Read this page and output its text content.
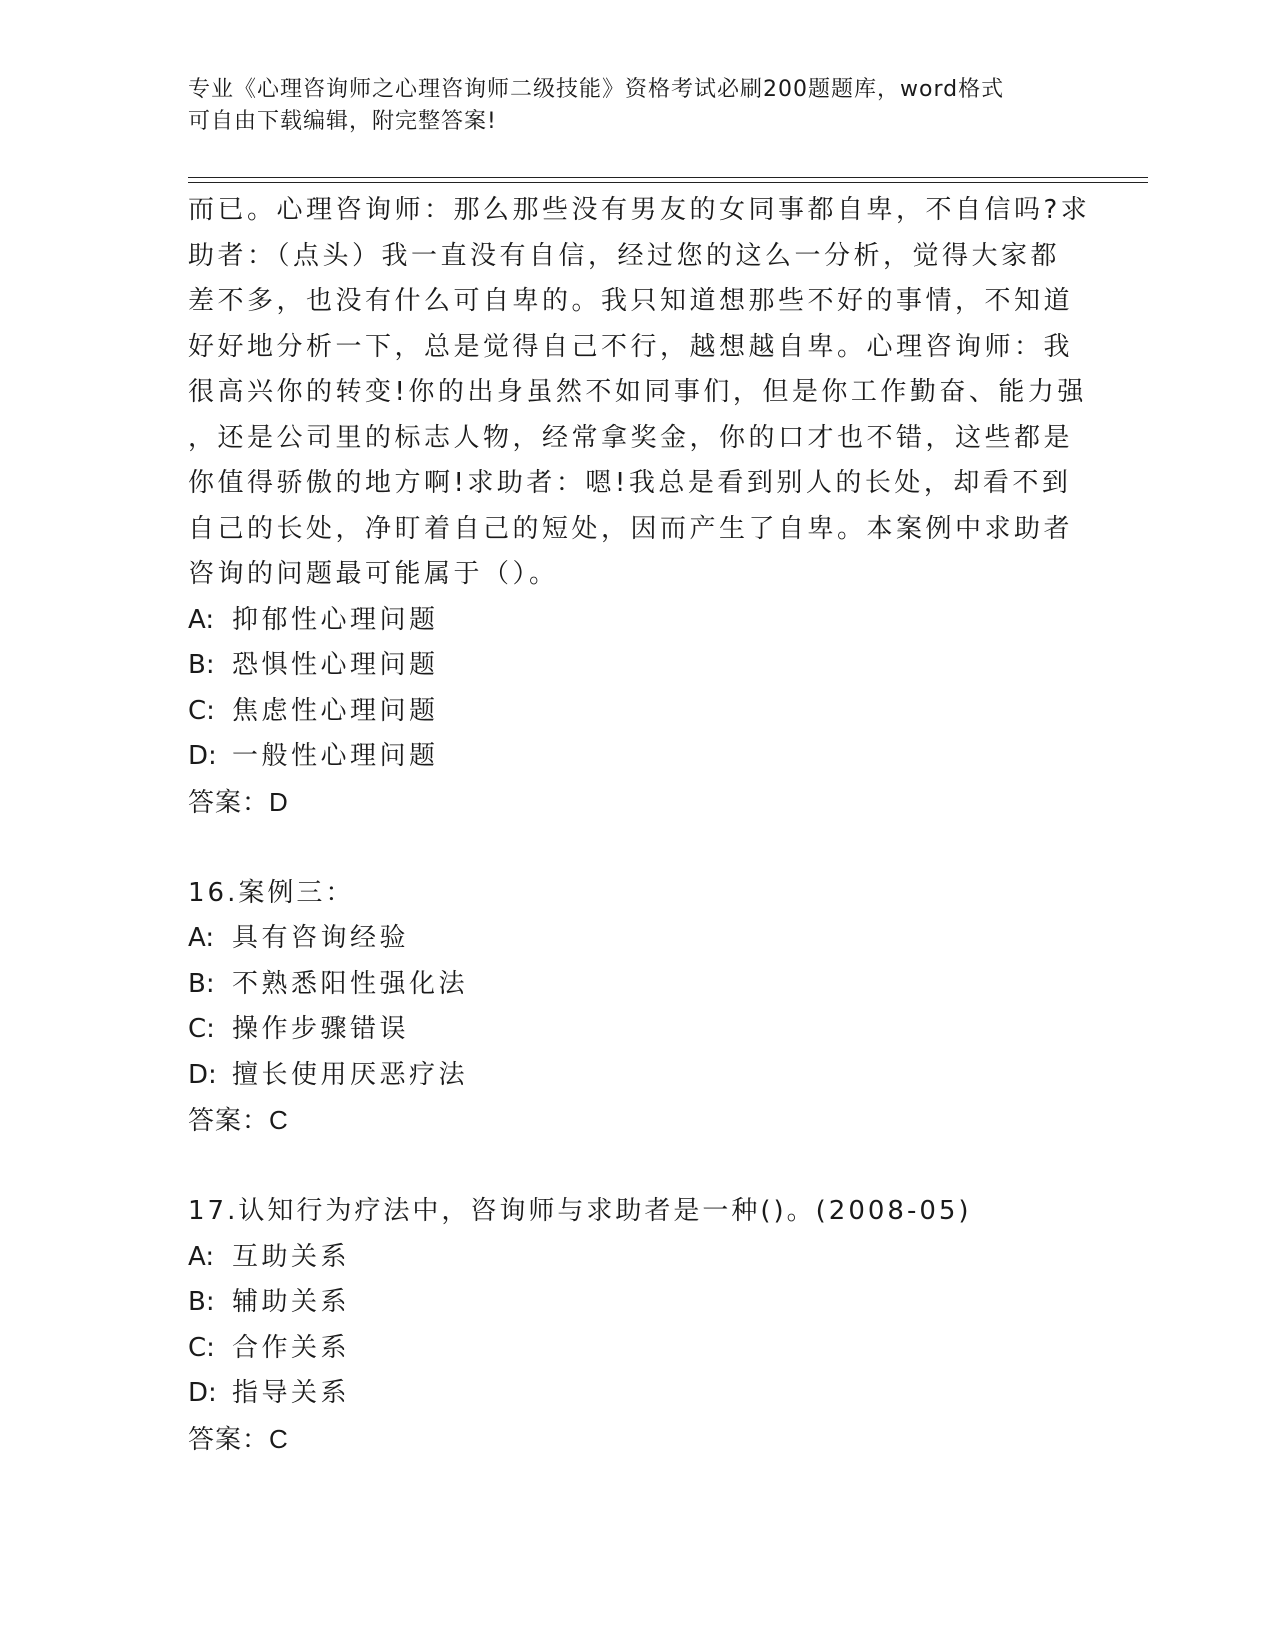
专业《心理咨询师之心理咨询师二级技能》资格考试必刷200题题库，word格式
可自由下载编辑，附完整答案!

而已。心理咨询师：那么那些没有男友的女同事都自卑，不自信吗?求

助者：（点头）我一直没有自信，经过您的这么一分析，觉得大家都

差不多，也没有什么可自卑的。我只知道想那些不好的事情，不知道

好好地分析一下，总是觉得自己不行，越想越自卑。心理咨询师：我

很高兴你的转变!你的出身虽然不如同事们，但是你工作勤奋、能力强

，还是公司里的标志人物，经常拿奖金，你的口才也不错，这些都是

你值得骄傲的地方啊!求助者：嗯!我总是看到别人的长处，却看不到

自己的长处，净盯着自己的短处，因而产生了自卑。本案例中求助者

咨询的问题最可能属于（）。

A: 抑郁性心理问题

B: 恐惧性心理问题

C: 焦虑性心理问题

D: 一般性心理问题

答案：D

16.案例三：

A: 具有咨询经验

B: 不熟悉阳性强化法

C: 操作步骤错误

D: 擅长使用厌恶疗法

答案：C

17.认知行为疗法中，咨询师与求助者是一种()。(2008-05)

A: 互助关系

B: 辅助关系

C: 合作关系

D: 指导关系

答案：C
